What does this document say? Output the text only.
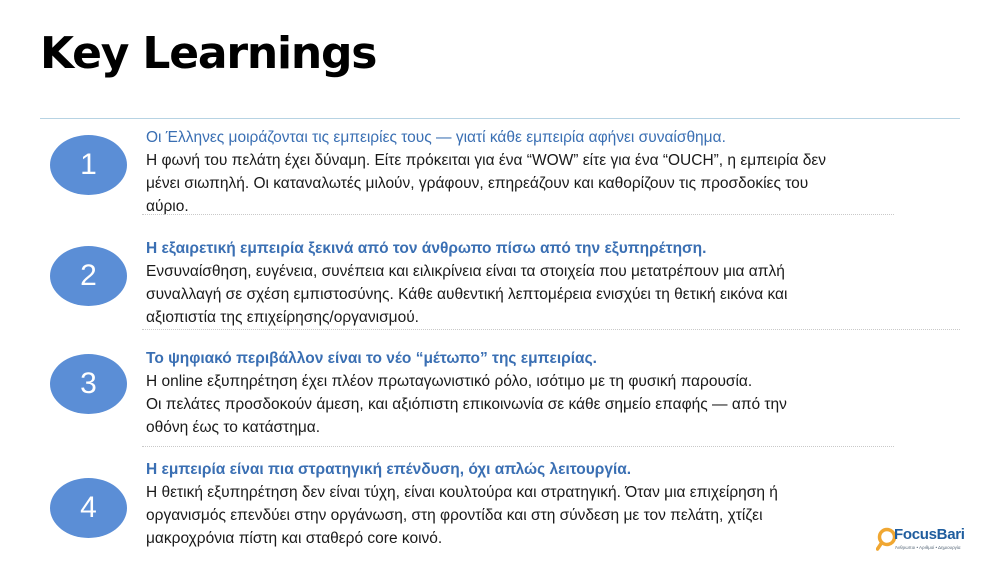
Key Learnings
1
Οι Έλληνες μοιράζονται τις εμπειρίες τους — γιατί κάθε εμπειρία αφήνει συναίσθημα.
Η φωνή του πελάτη έχει δύναμη. Είτε πρόκειται για ένα “WOW” είτε για ένα “OUCH”, η εμπειρία δεν
μένει σιωπηλή. Οι καταναλωτές μιλούν, γράφουν, επηρεάζουν και καθορίζουν τις προσδοκίες του
αύριο.
2
Η εξαιρετική εμπειρία ξεκινά από τον άνθρωπο πίσω από την εξυπηρέτηση.
Ενσυναίσθηση, ευγένεια, συνέπεια και ειλικρίνεια είναι τα στοιχεία που μετατρέπουν μια απλή
συναλλαγή σε σχέση εμπιστοσύνης. Κάθε αυθεντική λεπτομέρεια ενισχύει τη θετική εικόνα και
αξιοπιστία της επιχείρησης/οργανισμού.
3
Το ψηφιακό περιβάλλον είναι το νέο “μέτωπο” της εμπειρίας.
Η online εξυπηρέτηση έχει πλέον πρωταγωνιστικό ρόλο, ισότιμο με τη φυσική παρουσία.
Οι πελάτες προσδοκούν άμεση, και αξιόπιστη επικοινωνία σε κάθε σημείο επαφής — από την
οθόνη έως το κατάστημα.
4
Η εμπειρία είναι πια στρατηγική επένδυση, όχι απλώς λειτουργία.
Η θετική εξυπηρέτηση δεν είναι τύχη, είναι κουλτούρα και στρατηγική. Όταν μια επιχείρηση ή
οργανισμός επενδύει στην οργάνωση, στη φροντίδα και στη σύνδεση με τον πελάτη, χτίζει
μακροχρόνια πίστη και σταθερό core κοινό.	FocusBari
Άνθρωποι • Αριθμοί • Δημιουργία
